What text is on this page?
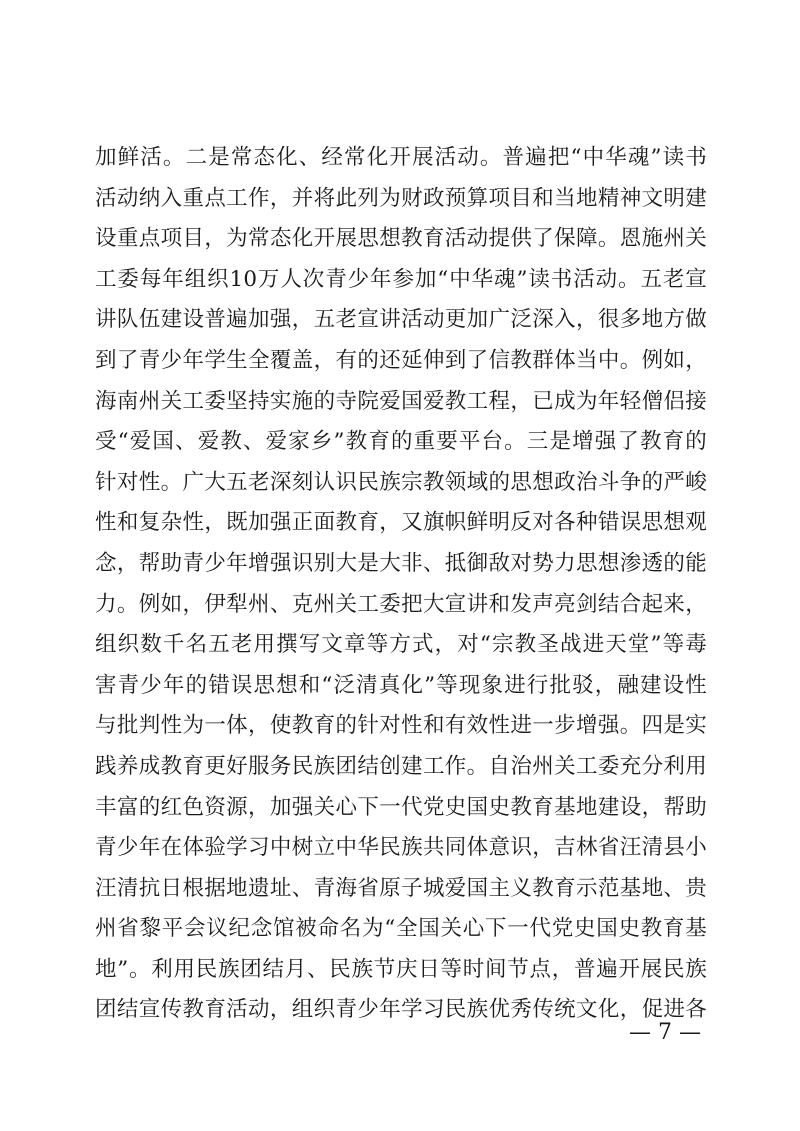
加鲜活。二是常态化、经常化开展活动。普遍把“中华魂”读书
活动纳入重点工作，并将此列为财政预算项目和当地精神文明建
设重点项目，为常态化开展思想教育活动提供了保障。恩施州关
工委每年组织10万人次青少年参加“中华魂”读书活动。五老宣
讲队伍建设普遍加强，五老宣讲活动更加广泛深入，很多地方做
到了青少年学生全覆盖，有的还延伸到了信教群体当中。例如，
海南州关工委坚持实施的寺院爱国爱教工程，已成为年轻僧侣接
受“爱国、爱教、爱家乡”教育的重要平台。三是增强了教育的
针对性。广大五老深刻认识民族宗教领域的思想政治斗争的严峻
性和复杂性，既加强正面教育，又旗帜鲜明反对各种错误思想观
念，帮助青少年增强识别大是大非、抵御敌对势力思想渗透的能
力。例如，伊犁州、克州关工委把大宣讲和发声亮剑结合起来，
组织数千名五老用撰写文章等方式，对“宗教圣战进天堂”等毒
害青少年的错误思想和“泛清真化”等现象进行批驳，融建设性
与批判性为一体，使教育的针对性和有效性进一步增强。四是实
践养成教育更好服务民族团结创建工作。自治州关工委充分利用
丰富的红色资源，加强关心下一代党史国史教育基地建设，帮助
青少年在体验学习中树立中华民族共同体意识，吉林省汪清县小
汪清抗日根据地遗址、青海省原子城爱国主义教育示范基地、贵
州省黎平会议纪念馆被命名为“全国关心下一代党史国史教育基
地”。利用民族团结月、民族节庆日等时间节点，普遍开展民族
团结宣传教育活动，组织青少年学习民族优秀传统文化，促进各
— 7 —
